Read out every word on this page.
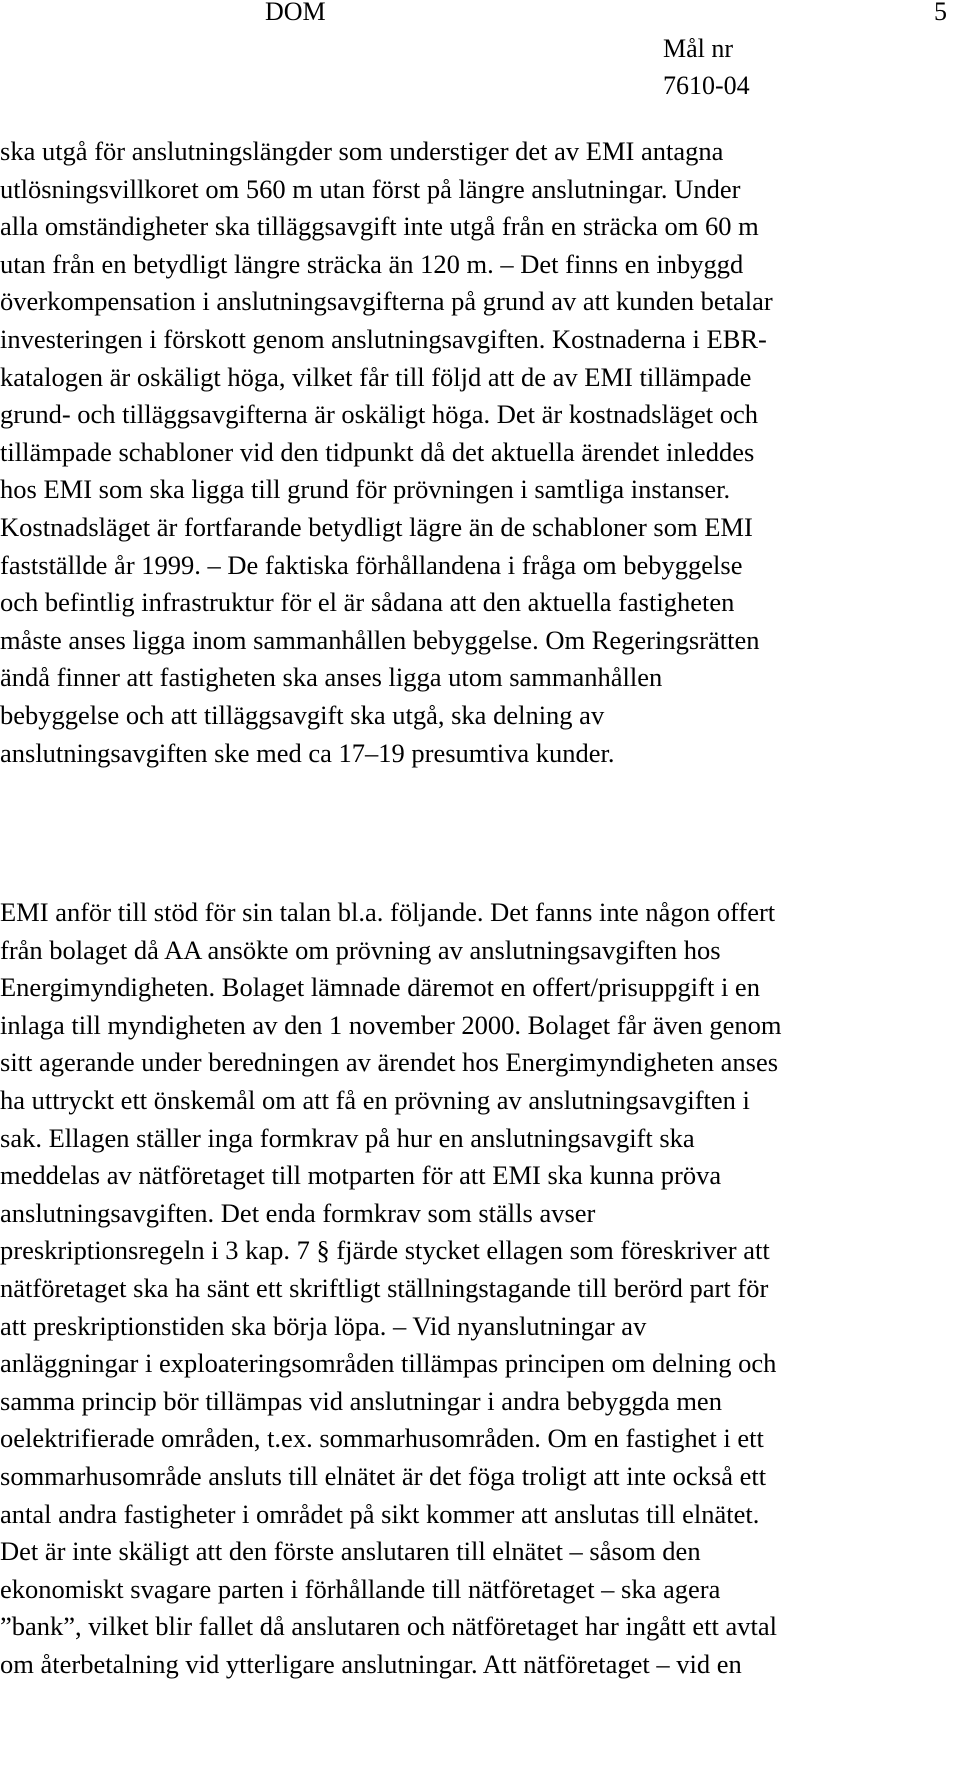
DOM	5
Mål nr
7610-04
ska utgå för anslutningslängder som understiger det av EMI antagna
utlösningsvillkoret om 560 m utan först på längre anslutningar. Under
alla omständigheter ska tilläggsavgift inte utgå från en sträcka om 60 m
utan från en betydligt längre sträcka än 120 m. – Det finns en inbyggd
överkompensation i anslutningsavgifterna på grund av att kunden betalar
investeringen i förskott genom anslutningsavgiften. Kostnaderna i EBR-
katalogen är oskäligt höga, vilket får till följd att de av EMI tillämpade
grund- och tilläggsavgifterna är oskäligt höga. Det är kostnadsläget och
tillämpade schabloner vid den tidpunkt då det aktuella ärendet inleddes
hos EMI som ska ligga till grund för prövningen i samtliga instanser.
Kostnadsläget är fortfarande betydligt lägre än de schabloner som EMI
fastställde år 1999. – De faktiska förhållandena i fråga om bebyggelse
och befintlig infrastruktur för el är sådana att den aktuella fastigheten
måste anses ligga inom sammanhållen bebyggelse. Om Regeringsrätten
ändå finner att fastigheten ska anses ligga utom sammanhållen
bebyggelse och att tilläggsavgift ska utgå, ska delning av
anslutningsavgiften ske med ca 17–19 presumtiva kunder.
EMI anför till stöd för sin talan bl.a. följande. Det fanns inte någon offert
från bolaget då AA ansökte om prövning av anslutningsavgiften hos
Energimyndigheten. Bolaget lämnade däremot en offert/prisuppgift i en
inlaga till myndigheten av den 1 november 2000. Bolaget får även genom
sitt agerande under beredningen av ärendet hos Energimyndigheten anses
ha uttryckt ett önskemål om att få en prövning av anslutningsavgiften i
sak. Ellagen ställer inga formkrav på hur en anslutningsavgift ska
meddelas av nätföretaget till motparten för att EMI ska kunna pröva
anslutningsavgiften. Det enda formkrav som ställs avser
preskriptionsregeln i 3 kap. 7 § fjärde stycket ellagen som föreskriver att
nätföretaget ska ha sänt ett skriftligt ställningstagande till berörd part för
att preskriptionstiden ska börja löpa. – Vid nyanslutningar av
anläggningar i exploateringsområden tillämpas principen om delning och
samma princip bör tillämpas vid anslutningar i andra bebyggda men
oelektrifierade områden, t.ex. sommarhusområden. Om en fastighet i ett
sommarhusområde ansluts till elnätet är det föga troligt att inte också ett
antal andra fastigheter i området på sikt kommer att anslutas till elnätet.
Det är inte skäligt att den förste anslutaren till elnätet – såsom den
ekonomiskt svagare parten i förhållande till nätföretaget – ska agera
”bank”, vilket blir fallet då anslutaren och nätföretaget har ingått ett avtal
om återbetalning vid ytterligare anslutningar. Att nätföretaget – vid en
